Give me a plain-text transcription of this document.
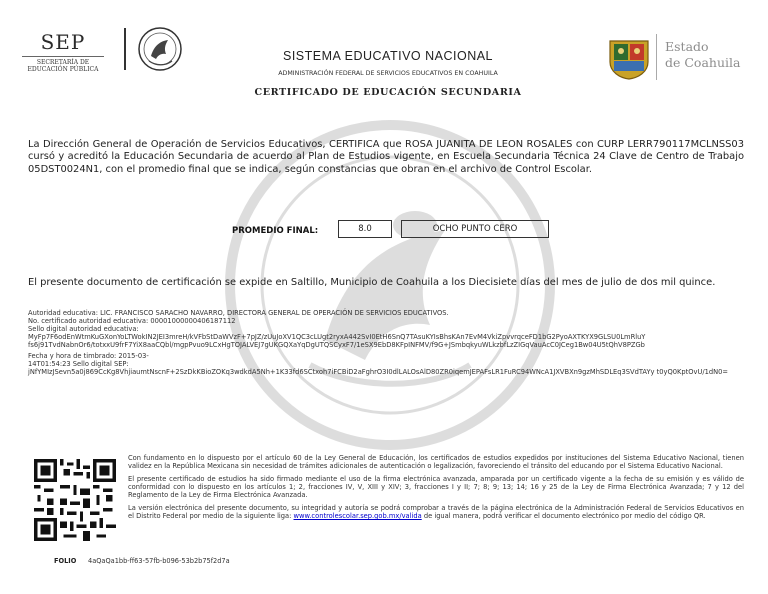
SEP
SECRETARÍA DE
EDUCACIÓN PÚBLICA
SISTEMA EDUCATIVO NACIONAL
ADMINISTRACIÓN FEDERAL DE SERVICIOS EDUCATIVOS EN COAHUILA
CERTIFICADO DE EDUCACIÓN SECUNDARIA
Estado
de Coahuila
La Dirección General de Operación de Servicios Educativos, CERTIFICA que ROSA JUANITA DE LEON ROSALES con CURP LERR790117MCLNSS03 cursó y acreditó la Educación Secundaria de acuerdo al Plan de Estudios vigente, en Escuela Secundaria Técnica 24 Clave de Centro de Trabajo 05DST0024N1, con el promedio final que se indica, según constancias que obran en el archivo de Control Escolar.
PROMEDIO FINAL:	8.0	OCHO PUNTO CERO
El presente documento de certificación se expide en Saltillo, Municipio de Coahuila a los Diecisiete días del mes de julio de dos mil quince.
Autoridad educativa: LIC. FRANCISCO SARACHO NAVARRO, DIRECTORA GENERAL DE OPERACIÓN DE SERVICIOS EDUCATIVOS.
No. certificado autoridad educativa: 00001000000406187112
Sello digital autoridad educativa:
MyFp7F6odEnWtmKuGXonYoLTWokIN2JEI3mreH/kVFbStDaWVzF+7pJZ/zUuJoXV1QC3cLUgt2ryxA442SvI0EtH6SnQ7TAsuKYIsBhsKAn7EvM4VkiZpvvrqceFD1bG2PyoAXTKYX9GLSU0LmRluY
fs6j91TvdNabnOr6/totxxU9frF7YiX8aaCQbl/mgpPvuo9LCxHgTOJALVEJ7gUKGQXaYqDgUTQSCyxF7/1eSX9EbD8KFpINFMV/f9G+JSmbqkyuWLkzbfLzZIGqVauAcC0JCeg1Bw04U5tQhV8PZGb
Fecha y hora de timbrado: 2015-03-
14T01:54:23 Sello digital SEP:
jNfYMIzJSevn5a0j869CcKg8VhjiaumtNscnF+2SzDkKBioZOKq3wdkdA5Nh+1K33fd6SCtxoh7iFCBiD2aFghrO3I0dlLALOsAlD80ZR0iqemJEPAFsLR1FuRC94WNcA1JXVBXn9gzMhSDLEq3SVdTAYy t0yQ0KptOvU/1dN0=

Con fundamento en lo dispuesto por el artículo 60 de la Ley General de Educación, los certificados de estudios expedidos por instituciones del Sistema Educativo Nacional, tienen validez en la República Mexicana sin necesidad de trámites adicionales de autenticación o legalización, favoreciendo el tránsito del educando por el Sistema Educativo Nacional.

El presente certificado de estudios ha sido firmado mediante el uso de la firma electrónica avanzada, amparada por un certificado vigente a la fecha de su emisión y es válido de conformidad con lo dispuesto en los artículos 1; 2, fracciones IV, V, XIII y XIV; 3, fracciones I y II; 7; 8; 9; 13; 14; 16 y 25 de la Ley de Firma Electrónica Avanzada; 7 y 12 del Reglamento de la Ley de Firma Electrónica Avanzada.

La versión electrónica del presente documento, su integridad y autoría se podrá comprobar a través de la página electrónica de la Administración Federal de Servicios Educativos en el Distrito Federal por medio de la siguiente liga: www.controlescolar.sep.gob.mx/valida de igual manera, podrá verificar el documento electrónico por medio del código QR.

FOLIO 4aQaQa1bb-ff63-57fb-b096-53b2b75f2d7a
